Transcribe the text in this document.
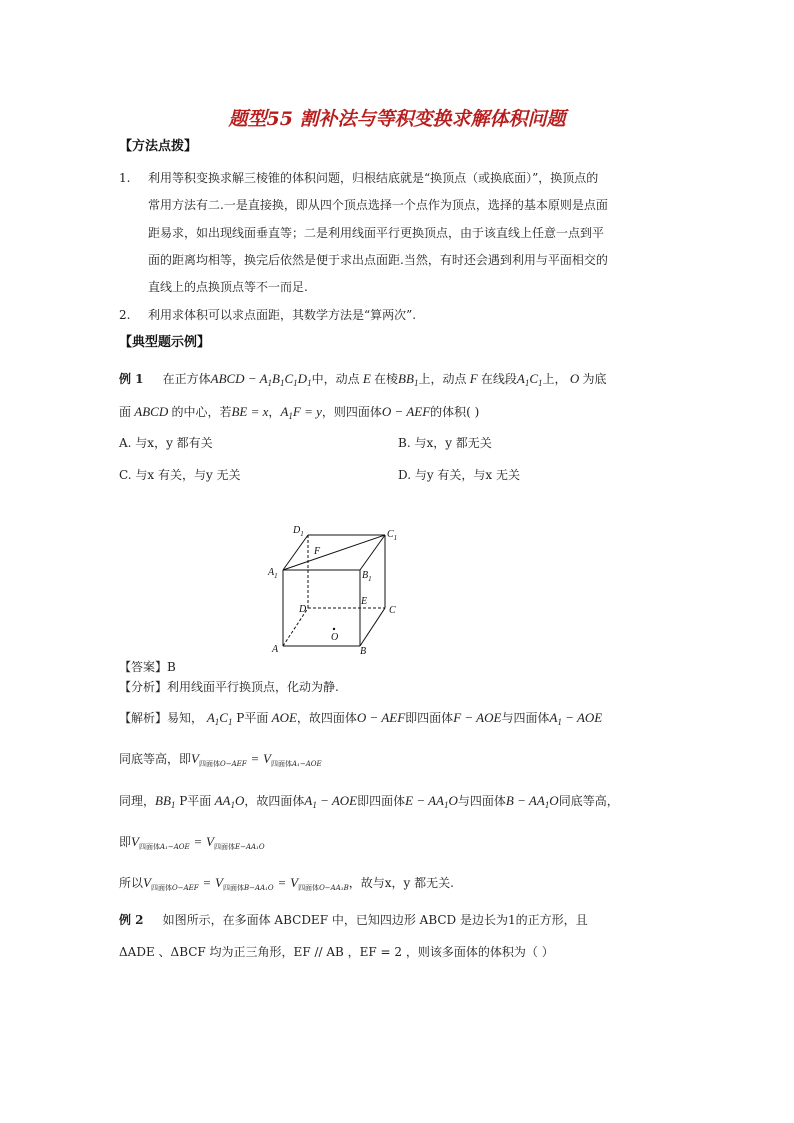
题型55 割补法与等积变换求解体积问题
【方法点拨】
1. 利用等积变换求解三棱锥的体积问题，归根结底就是“换顶点（或换底面）”，换顶点的
常用方法有二.一是直接换，即从四个顶点选择一个点作为顶点，选择的基本原则是点面
距易求，如出现线面垂直等；二是利用线面平行更换顶点，由于该直线上任意一点到平
面的距离均相等，换完后依然是便于求出点面距.当然，有时还会遇到利用与平面相交的
直线上的点换顶点等不一而足.
2. 利用求体积可以求点面距，其数学方法是“算两次”.
【典型题示例】
例 1 在正方体ABCD − $A_1B_1C_1D_1$中，动点 E 在棱$BB_1$上，动点 F 在线段$A_1C_1$上， O 为底
面 ABCD 的中心，若BE = x，$A_1F = y$，则四面体O − AEF的体积( )
A. 与x，y 都有关	B. 与x，y 都无关
C. 与x 有关，与y 无关	D. 与y 有关，与x 无关
$D_1$	$C_1$
$A_1$	$B_1$
F
E
D	C
A	B
O
【答案】B
【分析】利用线面平行换顶点，化动为静.
【解析】易知， $A_1C_1$ P平面 AOE，故四面体O − AEF即四面体F − AOE与四面体$A_1$ − AOE
同底等高，即$V_{四面体O-AEF} = V_{四面体A_1-AOE}$
同理，$BB_1$ P平面 $AA_1O$，故四面体$A_1$ − AOE即四面体$E - AA_1O$与四面体$B - AA_1O$同底等高，
即$V_{四面体A_1-AOE} = V_{四面体E-AA_1O}$
所以$V_{四面体O-AEF} = V_{四面体B-AA_1O} = V_{四面体O-AA_1B}$，故与x，y 都无关.
例 2 如图所示，在多面体 ABCDEF 中，已知四边形 ABCD 是边长为1的正方形，且
ΔADE 、ΔBCF 均为正三角形，EF // AB ，EF = 2 ，则该多面体的体积为（ ）
